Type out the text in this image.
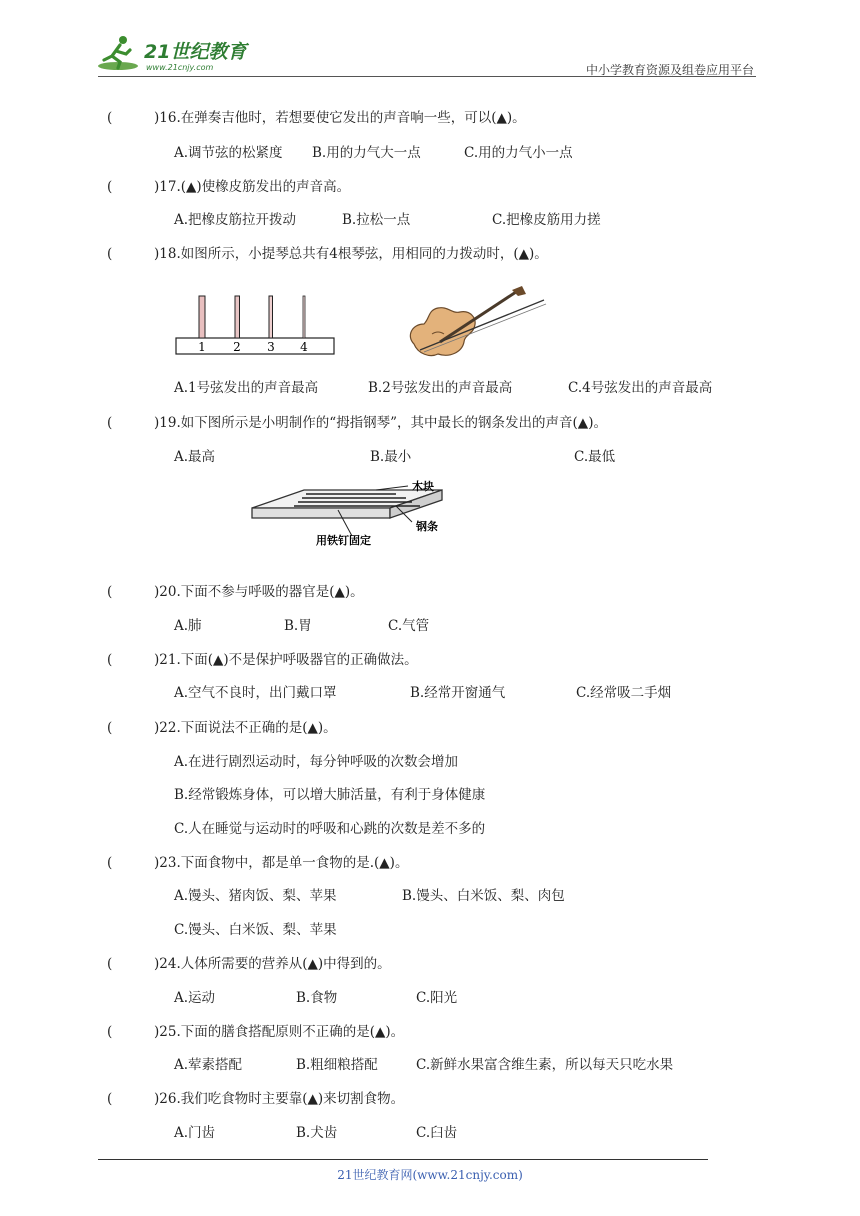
21世纪教育
www.21cnjy.com	中小学教育资源及组卷应用平台
(	)16.在弹奏吉他时，若想要使它发出的声音响一些，可以(▲)。
A.调节弦的松紧度 B.用的力气大一点	C.用的力气小一点
(	)17.(▲)使橡皮筋发出的声音高。
A.把橡皮筋拉开拨动	B.拉松一点	C.把橡皮筋用力搓
(	)18.如图所示，小提琴总共有4根琴弦，用相同的力拨动时，(▲)。
1 2 3 4
A.1号弦发出的声音最高	B.2号弦发出的声音最高	C.4号弦发出的声音最高
(	)19.如下图所示是小明制作的“拇指钢琴”，其中最长的钢条发出的声音(▲)。
A.最高	B.最小	C.最低
木块
钢条
用铁钉固定
(	)20.下面不参与呼吸的器官是(▲)。
A.肺	B.胃	C.气管
(	)21.下面(▲)不是保护呼吸器官的正确做法。
A.空气不良时，出门戴口罩	B.经常开窗通气	C.经常吸二手烟
(	)22.下面说法不正确的是(▲)。
A.在进行剧烈运动时，每分钟呼吸的次数会增加
B.经常锻炼身体，可以增大肺活量，有利于身体健康
C.人在睡觉与运动时的呼吸和心跳的次数是差不多的
(	)23.下面食物中，都是单一食物的是.(▲)。
A.馒头、猪肉饭、梨、苹果	B.馒头、白米饭、梨、肉包
C.馒头、白米饭、梨、苹果
(	)24.人体所需要的营养从(▲)中得到的。
A.运动	B.食物	C.阳光
(	)25.下面的膳食搭配原则不正确的是(▲)。
A.荤素搭配	B.粗细粮搭配	C.新鲜水果富含维生素，所以每天只吃水果
(	)26.我们吃食物时主要靠(▲)来切割食物。
A.门齿	B.犬齿	C.臼齿
21世纪教育网(www.21cnjy.com)
